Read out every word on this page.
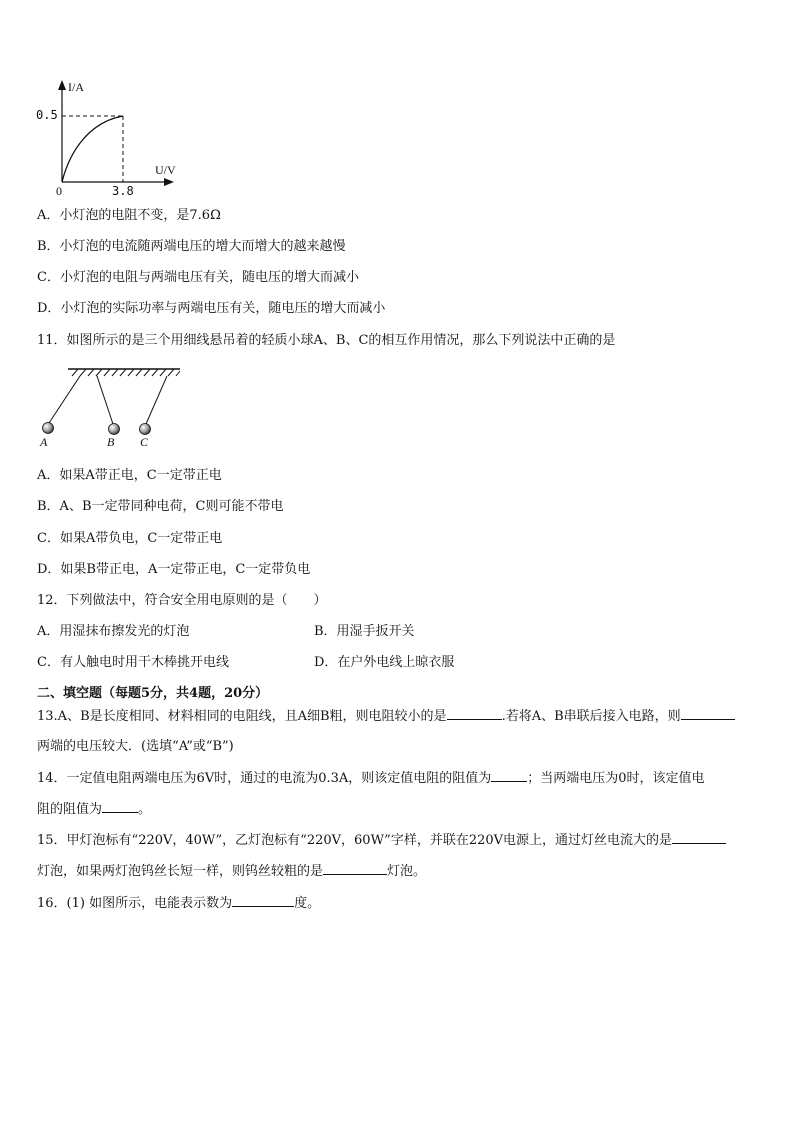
I/A
U/V
0.5
3.8
0
A．小灯泡的电阻不变，是7.6Ω
B．小灯泡的电流随两端电压的增大而增大的越来越慢
C．小灯泡的电阻与两端电压有关，随电压的增大而减小
D．小灯泡的实际功率与两端电压有关，随电压的增大而减小
11．如图所示的是三个用细线悬吊着的轻质小球A、B、C的相互作用情况，那么下列说法中正确的是
A	B C
A．如果A带正电，C一定带正电
B．A、B一定带同种电荷，C则可能不带电
C．如果A带负电，C一定带正电
D．如果B带正电，A一定带正电，C一定带负电
12．下列做法中，符合安全用电原则的是（　　）
A．用湿抹布擦发光的灯泡	B．用湿手扳开关
C．有人触电时用干木棒挑开电线	D．在户外电线上晾衣服
二、填空题（每题5分，共4题，20分）
13.A、B是长度相同、材料相同的电阻线，且A细B粗，则电阻较小的是	.若将A、B串联后接入电路，则
两端的电压较大．(选填“A”或“B”)
14．一定值电阻两端电压为6V时，通过的电流为0.3A，则该定值电阻的阻值为	；当两端电压为0时，该定值电
阻的阻值为	。
15．甲灯泡标有“220V，40W”，乙灯泡标有“220V，60W”字样，并联在220V电源上，通过灯丝电流大的是
灯泡，如果两灯泡钨丝长短一样，则钨丝较粗的是	灯泡。
16．(1) 如图所示，电能表示数为	度。
